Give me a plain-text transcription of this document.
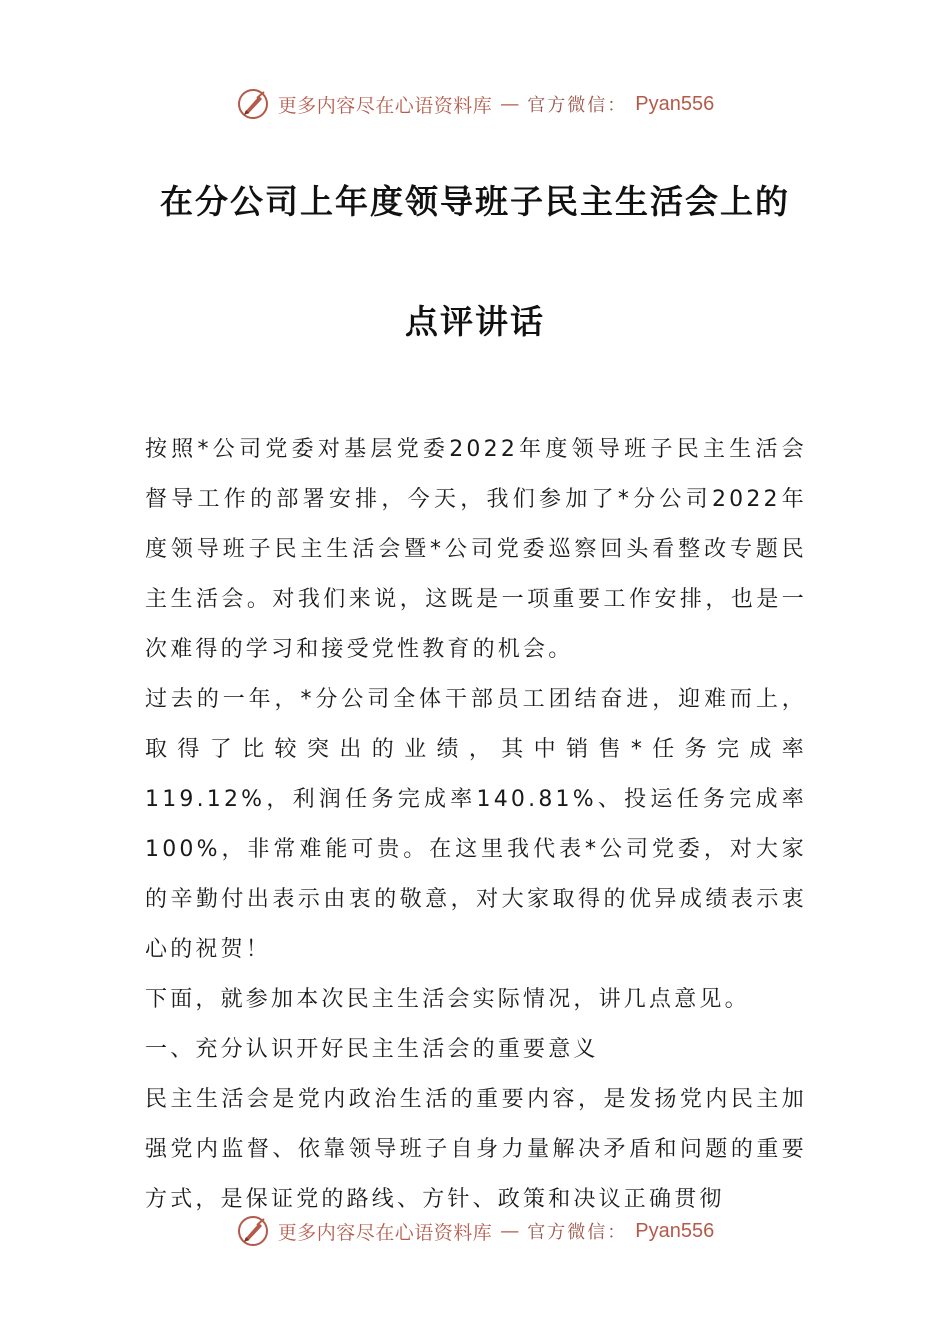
更多内容尽在心语资料库 — 官方微信： Pyan556
在分公司上年度领导班子民主生活会上的
点评讲话

按照*公司党委对基层党委2022年度领导班子民主生活会督导工作的部署安排，今天，我们参加了*分公司2022年度领导班子民主生活会暨*公司党委巡察回头看整改专题民主生活会。对我们来说，这既是一项重要工作安排，也是一次难得的学习和接受党性教育的机会。

过去的一年，*分公司全体干部员工团结奋进，迎难而上，取得了比较突出的业绩，其中销售*任务完成率119.12%，利润任务完成率140.81%、投运任务完成率100%，非常难能可贵。在这里我代表*公司党委，对大家的辛勤付出表示由衷的敬意，对大家取得的优异成绩表示衷心的祝贺！

下面，就参加本次民主生活会实际情况，讲几点意见。

一、充分认识开好民主生活会的重要意义

民主生活会是党内政治生活的重要内容，是发扬党内民主加强党内监督、依靠领导班子自身力量解决矛盾和问题的重要方式，是保证党的路线、方针、政策和决议正确贯彻

更多内容尽在心语资料库 — 官方微信： Pyan556
